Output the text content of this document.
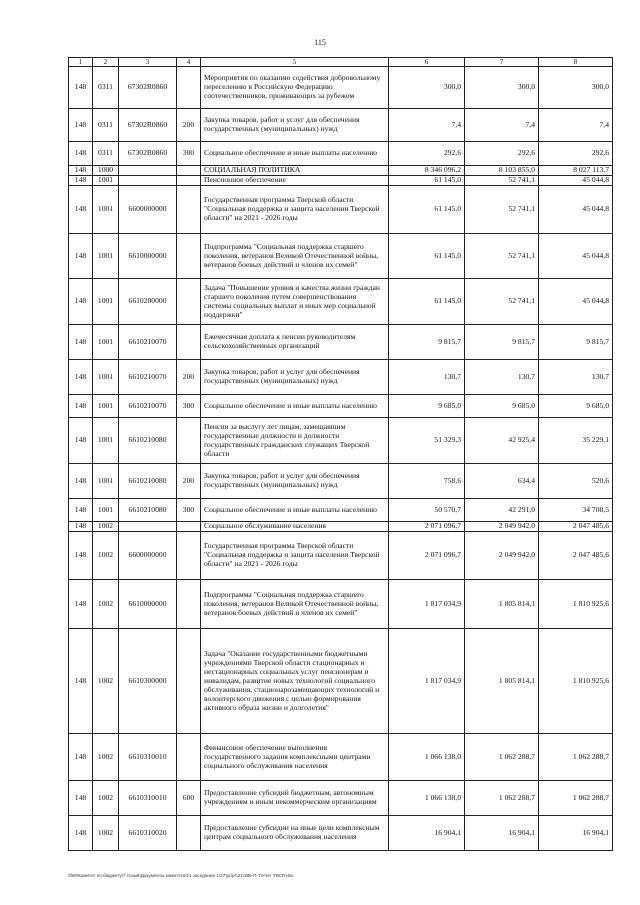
115
1	2	3	4	5	6	7	8
148	0311	67302R0860		Мероприятия по оказанию содействия добровольному переселению в Российскую Федерацию соотечественников, проживающих за рубежом	300,0	300,0	300,0
148	0311	67302R0860	200	Закупка товаров, работ и услуг для обеспечения государственных (муниципальных) нужд	7,4	7,4	7,4
148	0311	67302R0860	300	Социальное обеспечение и иные выплаты населению	292,6	292,6	292,6
148	1000			СОЦИАЛЬНАЯ ПОЛИТИКА	8 346 096,2	8 103 855,0	8 027 113,7
148	1001			Пенсионное обеспечение	61 145,0	52 741,1	45 044,8
148	1001	6600000000		Государственная программа Тверской области "Социальная поддержка и защита населения Тверской области" на 2021 - 2026 годы	61 145,0	52 741,1	45 044,8
148	1001	6610000000		Подпрограмма "Социальная поддержка старшего поколения, ветеранов Великой Отечественной войны, ветеранов боевых действий и членов их семей"	61 145,0	52 741,1	45 044,8
148	1001	6610200000		Задача "Повышение уровня и качества жизни граждан старшего поколения путем совершенствования системы социальных выплат и иных мер социальной поддержки"	61 145,0	52 741,1	45 044,8
148	1001	6610210070		Ежемесячная доплата к пенсии руководителям сельскохозяйственных организаций	9 815,7	9 815,7	9 815,7
148	1001	6610210070	200	Закупка товаров, работ и услуг для обеспечения государственных (муниципальных) нужд	130,7	130,7	130,7
148	1001	6610210070	300	Социальное обеспечение и иные выплаты населению	9 685,0	9 685,0	9 685,0
148	1001	6610210080		Пенсии за выслугу лет лицам, замещавшим государственные должности и должности государственных гражданских служащих Тверской области	51 329,3	42 925,4	35 229,1
148	1001	6610210080	200	Закупка товаров, работ и услуг для обеспечения государственных (муниципальных) нужд	758,6	634,4	520,6
148	1001	6610210080	300	Социальное обеспечение и иные выплаты населению	50 570,7	42 291,0	34 708,5
148	1002			Социальное обслуживание населения	2 071 096,7	2 049 942,0	2 047 485,6
148	1002	6600000000		Государственная программа Тверской области "Социальная поддержка и защита населения Тверской области" на 2021 - 2026 годы	2 071 096,7	2 049 942,0	2 047 485,6
148	1002	6610000000		Подпрограмма "Социальная поддержка старшего поколения, ветеранов Великой Отечественной войны, ветеранов боевых действий и членов их семей"	1 817 034,9	1 805 814,1	1 810 925,6
148	1002	6610300000		Задача "Оказание государственными бюджетными учреждениями Тверской области стационарных и нестационарных социальных услуг пенсионерам и инвалидам, развитие новых технологий социального обслуживания, стационарозамещающих технологий и волонтерского движения с целью формирования активного образа жизни и долголетия"	1 817 034,9	1 805 814,1	1 810 925,6
148	1002	6610310010		Финансовое обеспечение выполнения государственного задания комплексными центрами социального обслуживания населения	1 066 138,0	1 062 288,7	1 062 288,7
148	1002	6610310010	600	Предоставление субсидий бюджетным, автономным учреждениям и иным некоммерческим организациям	1 066 138,0	1 062 288,7	1 062 288,7
148	1002	6610310020		Предоставление субсидии на иные цели комплексным центрам социального обслуживания населения	16 904,1	16 904,1	16 904,1
\\fs8\Комитет по бюджету\7 созыв\Документы комитета\21 заседание 1\27\рг\рг\21\386-П-7\Учет ТВСР.xlsx
